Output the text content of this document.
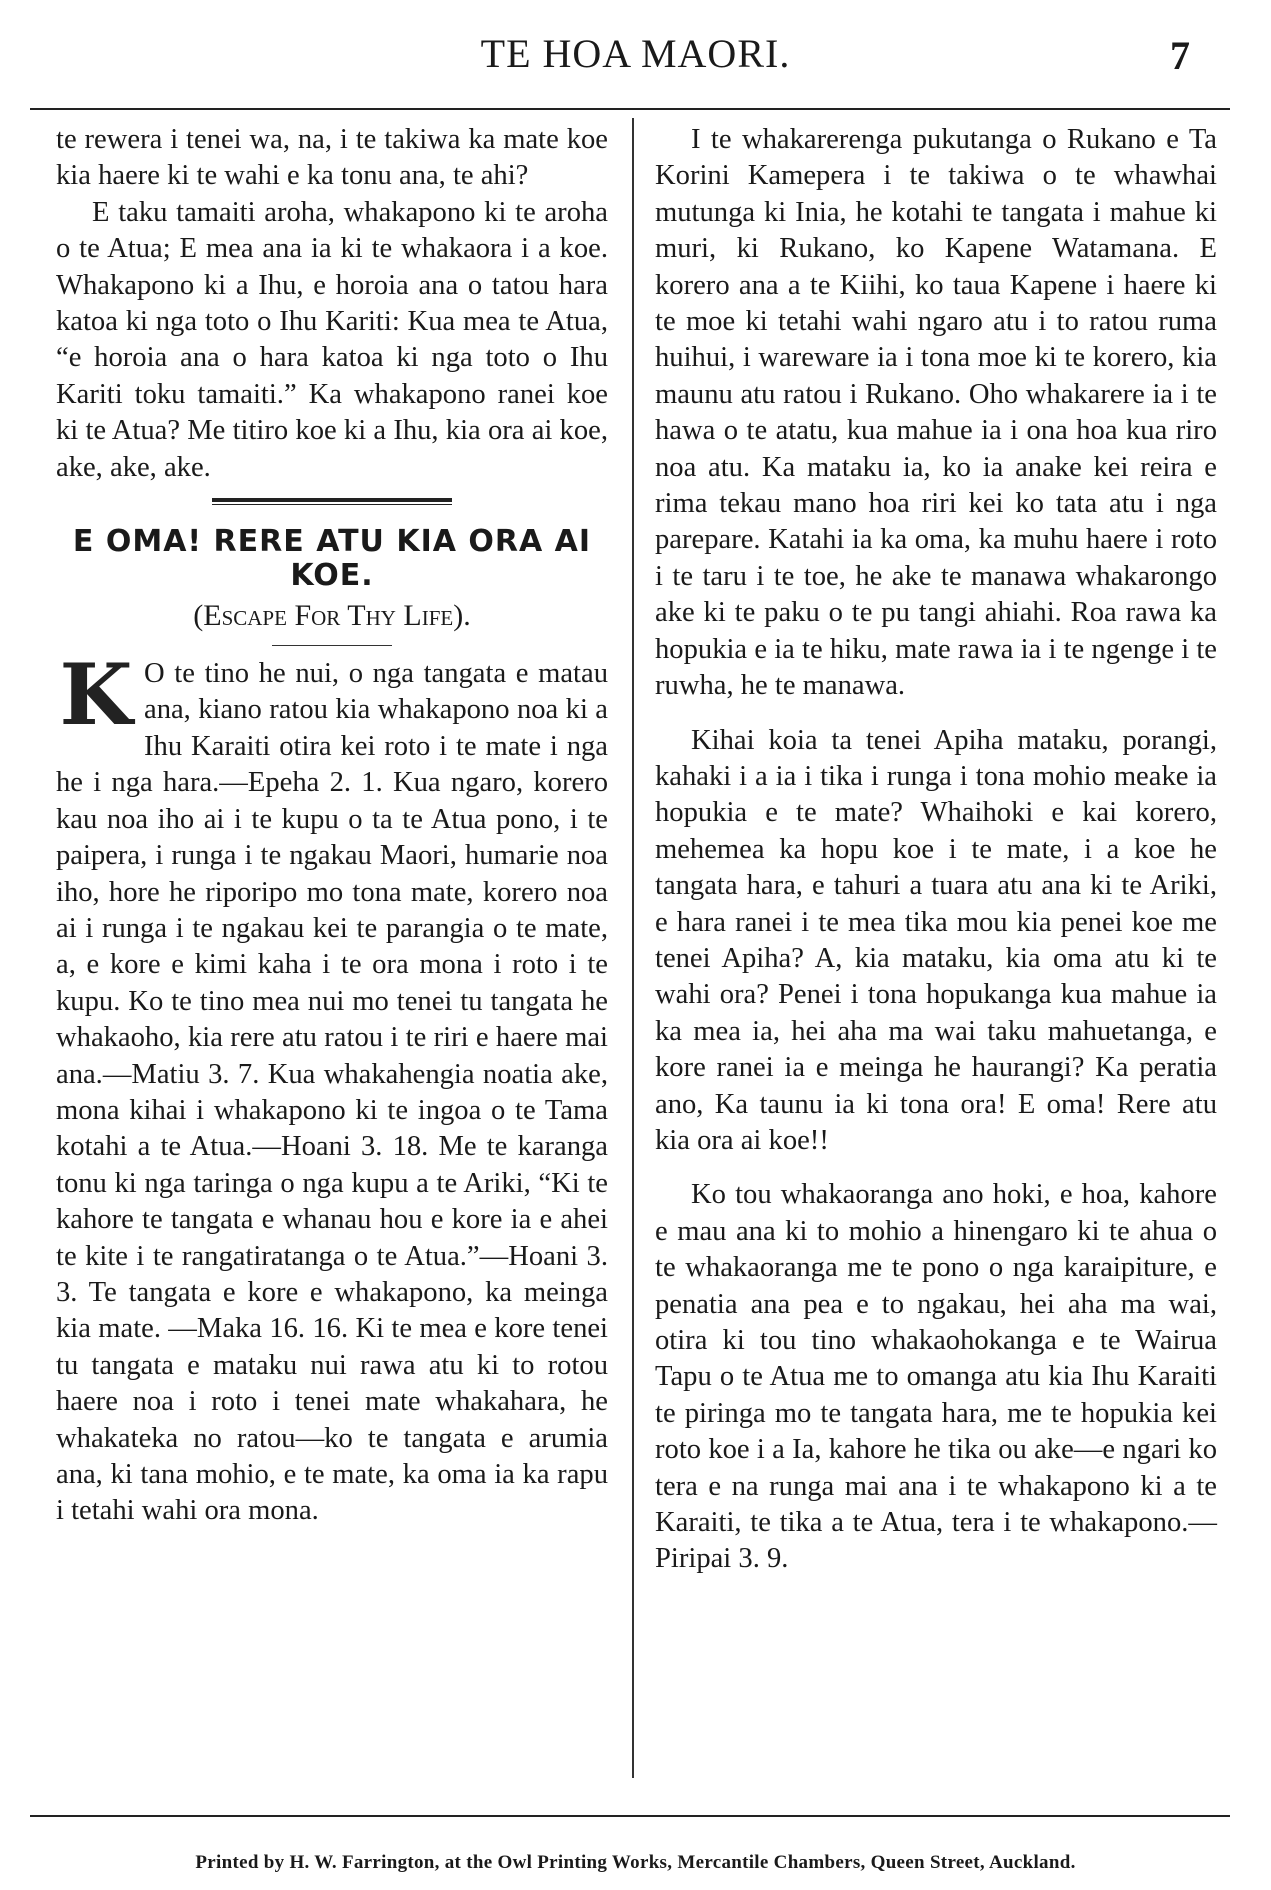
TE HOA MAORI.	7

te rewera i tenei wa, na, i te takiwa ka mate koe kia haere ki te wahi e ka tonu ana, te ahi?

E taku tamaiti aroha, whakapono ki te aroha o te Atua; E mea ana ia ki te whakaora i a koe. Whakapono ki a Ihu, e horoia ana o tatou hara katoa ki nga toto o Ihu Kariti: Kua mea te Atua, “e horoia ana o hara katoa ki nga toto o Ihu Kariti toku tamaiti.” Ka whakapono ranei koe ki te Atua? Me titiro koe ki a Ihu, kia ora ai koe, ake, ake, ake.

E OMA! RERE ATU KIA ORA AI KOE.
(Escape For Thy Life).

K O te tino he nui, o nga tangata e matau ana, kiano ratou kia whakapono noa ki a Ihu Karaiti otira kei roto i te mate i nga he i nga hara.—Epeha 2. 1. Kua ngaro, korero kau noa iho ai i te kupu o ta te Atua pono, i te paipera, i runga i te ngakau Maori, humarie noa iho, hore he riporipo mo tona mate, korero noa ai i runga i te ngakau kei te parangia o te mate, a, e kore e kimi kaha i te ora mona i roto i te kupu. Ko te tino mea nui mo tenei tu tangata he whakaoho, kia rere atu ratou i te riri e haere mai ana.—Matiu 3. 7. Kua whakahengia noatia ake, mona kihai i whakapono ki te ingoa o te Tama kotahi a te Atua.—Hoani 3. 18. Me te karanga tonu ki nga taringa o nga kupu a te Ariki, “Ki te kahore te tangata e whanau hou e kore ia e ahei te kite i te rangatiratanga o te Atua.”—Hoani 3. 3. Te tangata e kore e whakapono, ka meinga kia mate. —Maka 16. 16. Ki te mea e kore tenei tu tangata e mataku nui rawa atu ki to rotou haere noa i roto i tenei mate whakahara, he whakateka no ratou—ko te tangata e arumia ana, ki tana mohio, e te mate, ka oma ia ka rapu i tetahi wahi ora mona.

I te whakarerenga pukutanga o Rukano e Ta Korini Kamepera i te takiwa o te whawhai mutunga ki Inia, he kotahi te tangata i mahue ki muri, ki Rukano, ko Kapene Watamana. E korero ana a te Kiihi, ko taua Kapene i haere ki te moe ki tetahi wahi ngaro atu i to ratou ruma huihui, i wareware ia i tona moe ki te korero, kia maunu atu ratou i Rukano. Oho whakarere ia i te hawa o te atatu, kua mahue ia i ona hoa kua riro noa atu. Ka mataku ia, ko ia anake kei reira e rima tekau mano hoa riri kei ko tata atu i nga parepare. Katahi ia ka oma, ka muhu haere i roto i te taru i te toe, he ake te manawa whakarongo ake ki te paku o te pu tangi ahiahi. Roa rawa ka hopukia e ia te hiku, mate rawa ia i te ngenge i te ruwha, he te manawa.

Kihai koia ta tenei Apiha mataku, porangi, kahaki i a ia i tika i runga i tona mohio meake ia hopukia e te mate? Whaihoki e kai korero, mehemea ka hopu koe i te mate, i a koe he tangata hara, e tahuri a tuara atu ana ki te Ariki, e hara ranei i te mea tika mou kia penei koe me tenei Apiha? A, kia mataku, kia oma atu ki te wahi ora? Penei i tona hopukanga kua mahue ia ka mea ia, hei aha ma wai taku mahuetanga, e kore ranei ia e meinga he haurangi? Ka peratia ano, Ka taunu ia ki tona ora! E oma! Rere atu kia ora ai koe!!

Ko tou whakaoranga ano hoki, e hoa, kahore e mau ana ki to mohio a hinengaro ki te ahua o te whakaoranga me te pono o nga karaipiture, e penatia ana pea e to ngakau, hei aha ma wai, otira ki tou tino whakaohokanga e te Wairua Tapu o te Atua me to omanga atu kia Ihu Karaiti te piringa mo te tangata hara, me te hopukia kei roto koe i a Ia, kahore he tika ou ake—e ngari ko tera e na runga mai ana i te whakapono ki a te Karaiti, te tika a te Atua, tera i te whakapono.—Piripai 3. 9.

Printed by H. W. Farrington, at the Owl Printing Works, Mercantile Chambers, Queen Street, Auckland.
